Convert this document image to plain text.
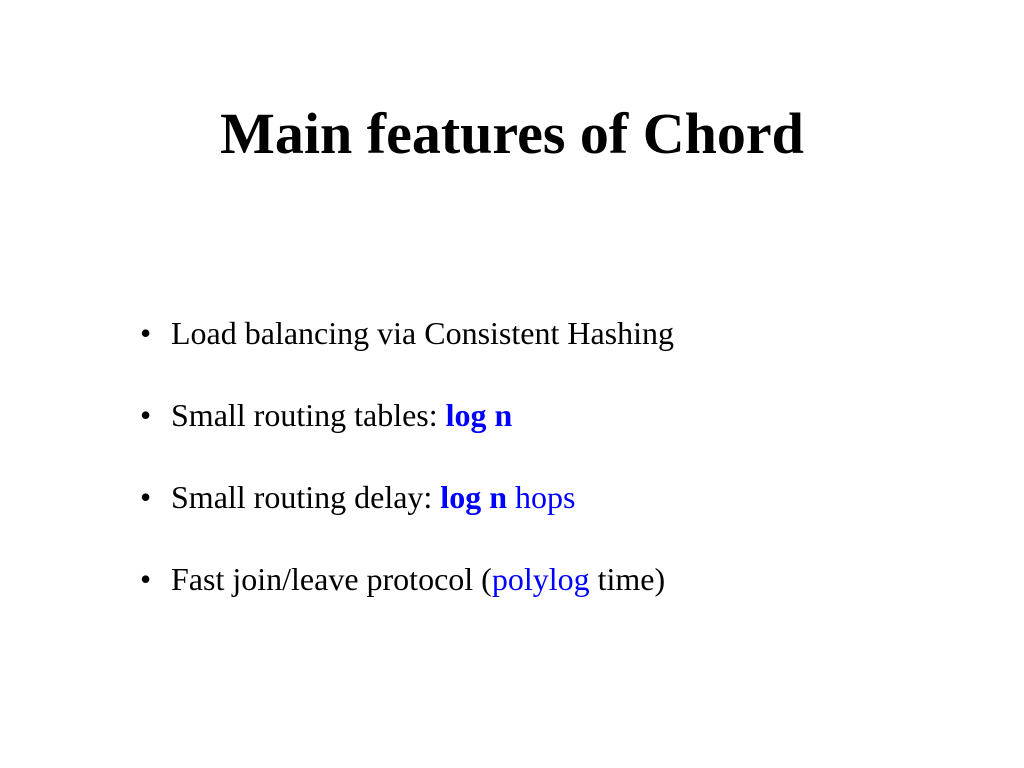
Main features of Chord
• Load balancing via Consistent Hashing
• Small routing tables: log n
• Small routing delay: log n hops
• Fast join/leave protocol (polylog time)
